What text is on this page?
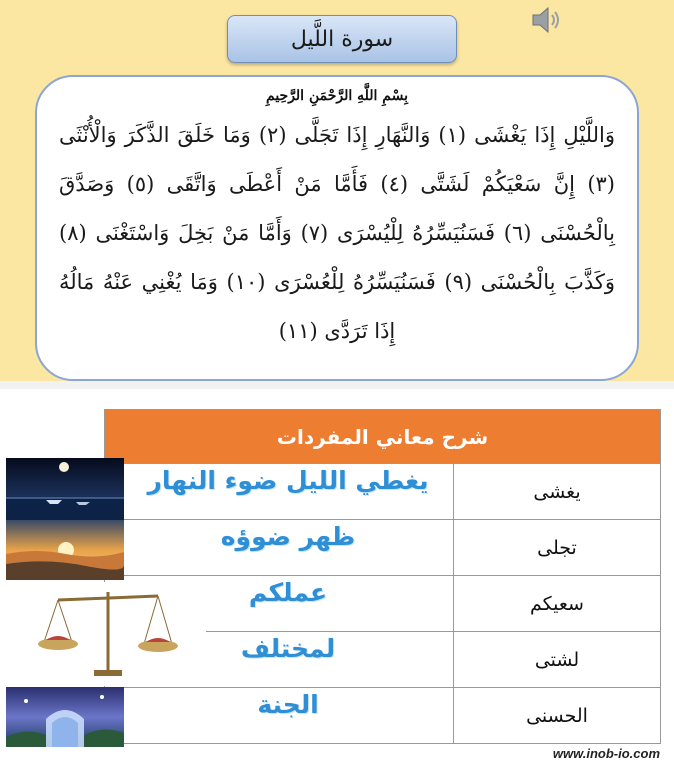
سورة اللَّيل
بِسْمِ اللَّهِ الرَّحْمَنِ الرَّحِيمِ
وَاللَّيْلِ إِذَا يَغْشَى (١) وَالنَّهَارِ إِذَا تَجَلَّى (٢) وَمَا خَلَقَ الذَّكَرَ وَالْأُنْثَى (٣) إِنَّ سَعْيَكُمْ لَشَتَّى (٤) فَأَمَّا مَنْ أَعْطَى وَاتَّقَى (٥) وَصَدَّقَ بِالْحُسْنَى (٦) فَسَنُيَسِّرُهُ لِلْيُسْرَى (٧) وَأَمَّا مَنْ بَخِلَ وَاسْتَغْنَى (٨) وَكَذَّبَ بِالْحُسْنَى (٩) فَسَنُيَسِّرُهُ لِلْعُسْرَى (١٠) وَمَا يُغْنِي عَنْهُ مَالُهُ إِذَا تَرَدَّى (١١)
شرح معاني المفردات
يغشى
يغطي الليل ضوء النهار
تجلى
ظهر ضوؤه
سعيكم
عملكم
لشتى
لمختلف
الحسنى
الجنة
www.inob-io.com
